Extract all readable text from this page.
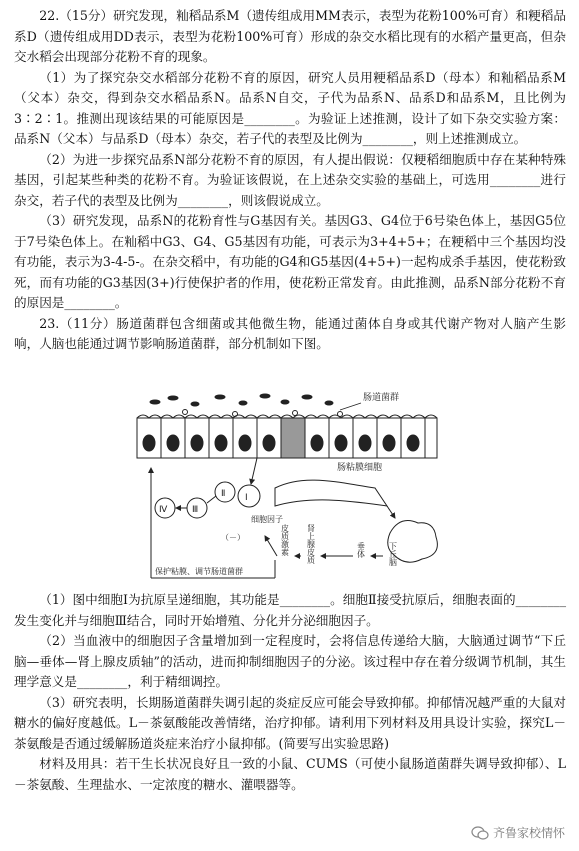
22.（15分）研究发现，籼稻品系M（遗传组成用MM表示，表型为花粉100%可育）和粳稻品系D（遗传组成用DD表示，表型为花粉100%可育）形成的杂交水稻比现有的水稻产量更高，但杂交水稻会出现部分花粉不育的现象。

（1）为了探究杂交水稻部分花粉不育的原因，研究人员用粳稻品系D（母本）和籼稻品系M（父本）杂交，得到杂交水稻品系N。品系N自交，子代为品系N、品系D和品系M，且比例为3∶2∶1。推测出现该结果的可能原因是________。为验证上述推测，设计了如下杂交实验方案：品系N（父本）与品系D（母本）杂交，若子代的表型及比例为________，则上述推测成立。

（2）为进一步探究品系N部分花粉不育的原因，有人提出假说：仅粳稻细胞质中存在某种特殊基因，引起某些种类的花粉不育。为验证该假说，在上述杂交实验的基础上，可选用________进行杂交，若子代的表型及比例为________，则该假说成立。

（3）研究发现，品系N的花粉育性与G基因有关。基因G3、G4位于6号染色体上，基因G5位于7号染色体上。在籼稻中G3、G4、G5基因有功能，可表示为3+4+5+；在粳稻中三个基因均没有功能，表示为3-4-5-。在杂交稻中，有功能的G4和G5基因(4+5+)一起构成杀手基因，使花粉致死，而有功能的G3基因(3+)行使保护者的作用，使花粉正常发育。由此推测，品系N部分花粉不育的原因是________。

23.（11分）肠道菌群包含细菌或其他微生物，能通过菌体自身或其代谢产物对人脑产生影响，人脑也能通过调节影响肠道菌群，部分机制如下图。

肠道菌群
肠粘膜细胞
Ⅰ
Ⅱ
Ⅲ
Ⅳ
细胞因子
（－）
下丘脑
垂体
肾上腺皮质
皮质激素
保护粘膜、调节肠道菌群

（1）图中细胞Ⅰ为抗原呈递细胞，其功能是________。细胞Ⅱ接受抗原后，细胞表面的________发生变化并与细胞Ⅲ结合，同时开始增殖、分化并分泌细胞因子。

（2）当血液中的细胞因子含量增加到一定程度时，会将信息传递给大脑，大脑通过调节“下丘脑—垂体—肾上腺皮质轴”的活动，进而抑制细胞因子的分泌。该过程中存在着分级调节机制，其生理学意义是________，利于精细调控。

（3）研究表明，长期肠道菌群失调引起的炎症反应可能会导致抑郁。抑郁情况越严重的大鼠对糖水的偏好度越低。L－茶氨酸能改善情绪，治疗抑郁。请利用下列材料及用具设计实验，探究L－茶氨酸是否通过缓解肠道炎症来治疗小鼠抑郁。(简要写出实验思路)

材料及用具：若干生长状况良好且一致的小鼠、CUMS（可使小鼠肠道菌群失调导致抑郁）、L－茶氨酸、生理盐水、一定浓度的糖水、灌喂器等。

齐鲁家校情怀
